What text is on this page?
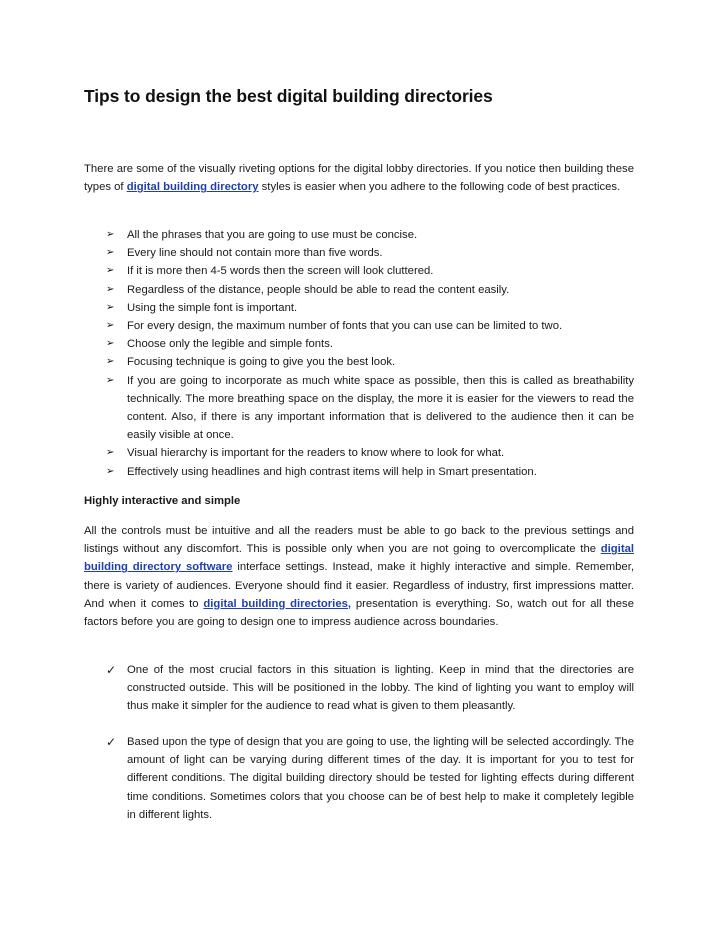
Tips to design the best digital building directories
There are some of the visually riveting options for the digital lobby directories. If you notice then building these types of digital building directory styles is easier when you adhere to the following code of best practices.
➢ All the phrases that you are going to use must be concise.
➢ Every line should not contain more than five words.
➢ If it is more then 4-5 words then the screen will look cluttered.
➢ Regardless of the distance, people should be able to read the content easily.
➢ Using the simple font is important.
➢ For every design, the maximum number of fonts that you can use can be limited to two.
➢ Choose only the legible and simple fonts.
➢ Focusing technique is going to give you the best look.
➢ If you are going to incorporate as much white space as possible, then this is called as breathability technically. The more breathing space on the display, the more it is easier for the viewers to read the content. Also, if there is any important information that is delivered to the audience then it can be easily visible at once.
➢ Visual hierarchy is important for the readers to know where to look for what.
➢ Effectively using headlines and high contrast items will help in Smart presentation.
Highly interactive and simple
All the controls must be intuitive and all the readers must be able to go back to the previous settings and listings without any discomfort. This is possible only when you are not going to overcomplicate the digital building directory software interface settings. Instead, make it highly interactive and simple. Remember, there is variety of audiences. Everyone should find it easier. Regardless of industry, first impressions matter. And when it comes to digital building directories, presentation is everything. So, watch out for all these factors before you are going to design one to impress audience across boundaries.
✓ One of the most crucial factors in this situation is lighting. Keep in mind that the directories are constructed outside. This will be positioned in the lobby. The kind of lighting you want to employ will thus make it simpler for the audience to read what is given to them pleasantly.
✓ Based upon the type of design that you are going to use, the lighting will be selected accordingly. The amount of light can be varying during different times of the day. It is important for you to test for different conditions. The digital building directory should be tested for lighting effects during different time conditions. Sometimes colors that you choose can be of best help to make it completely legible in different lights.
